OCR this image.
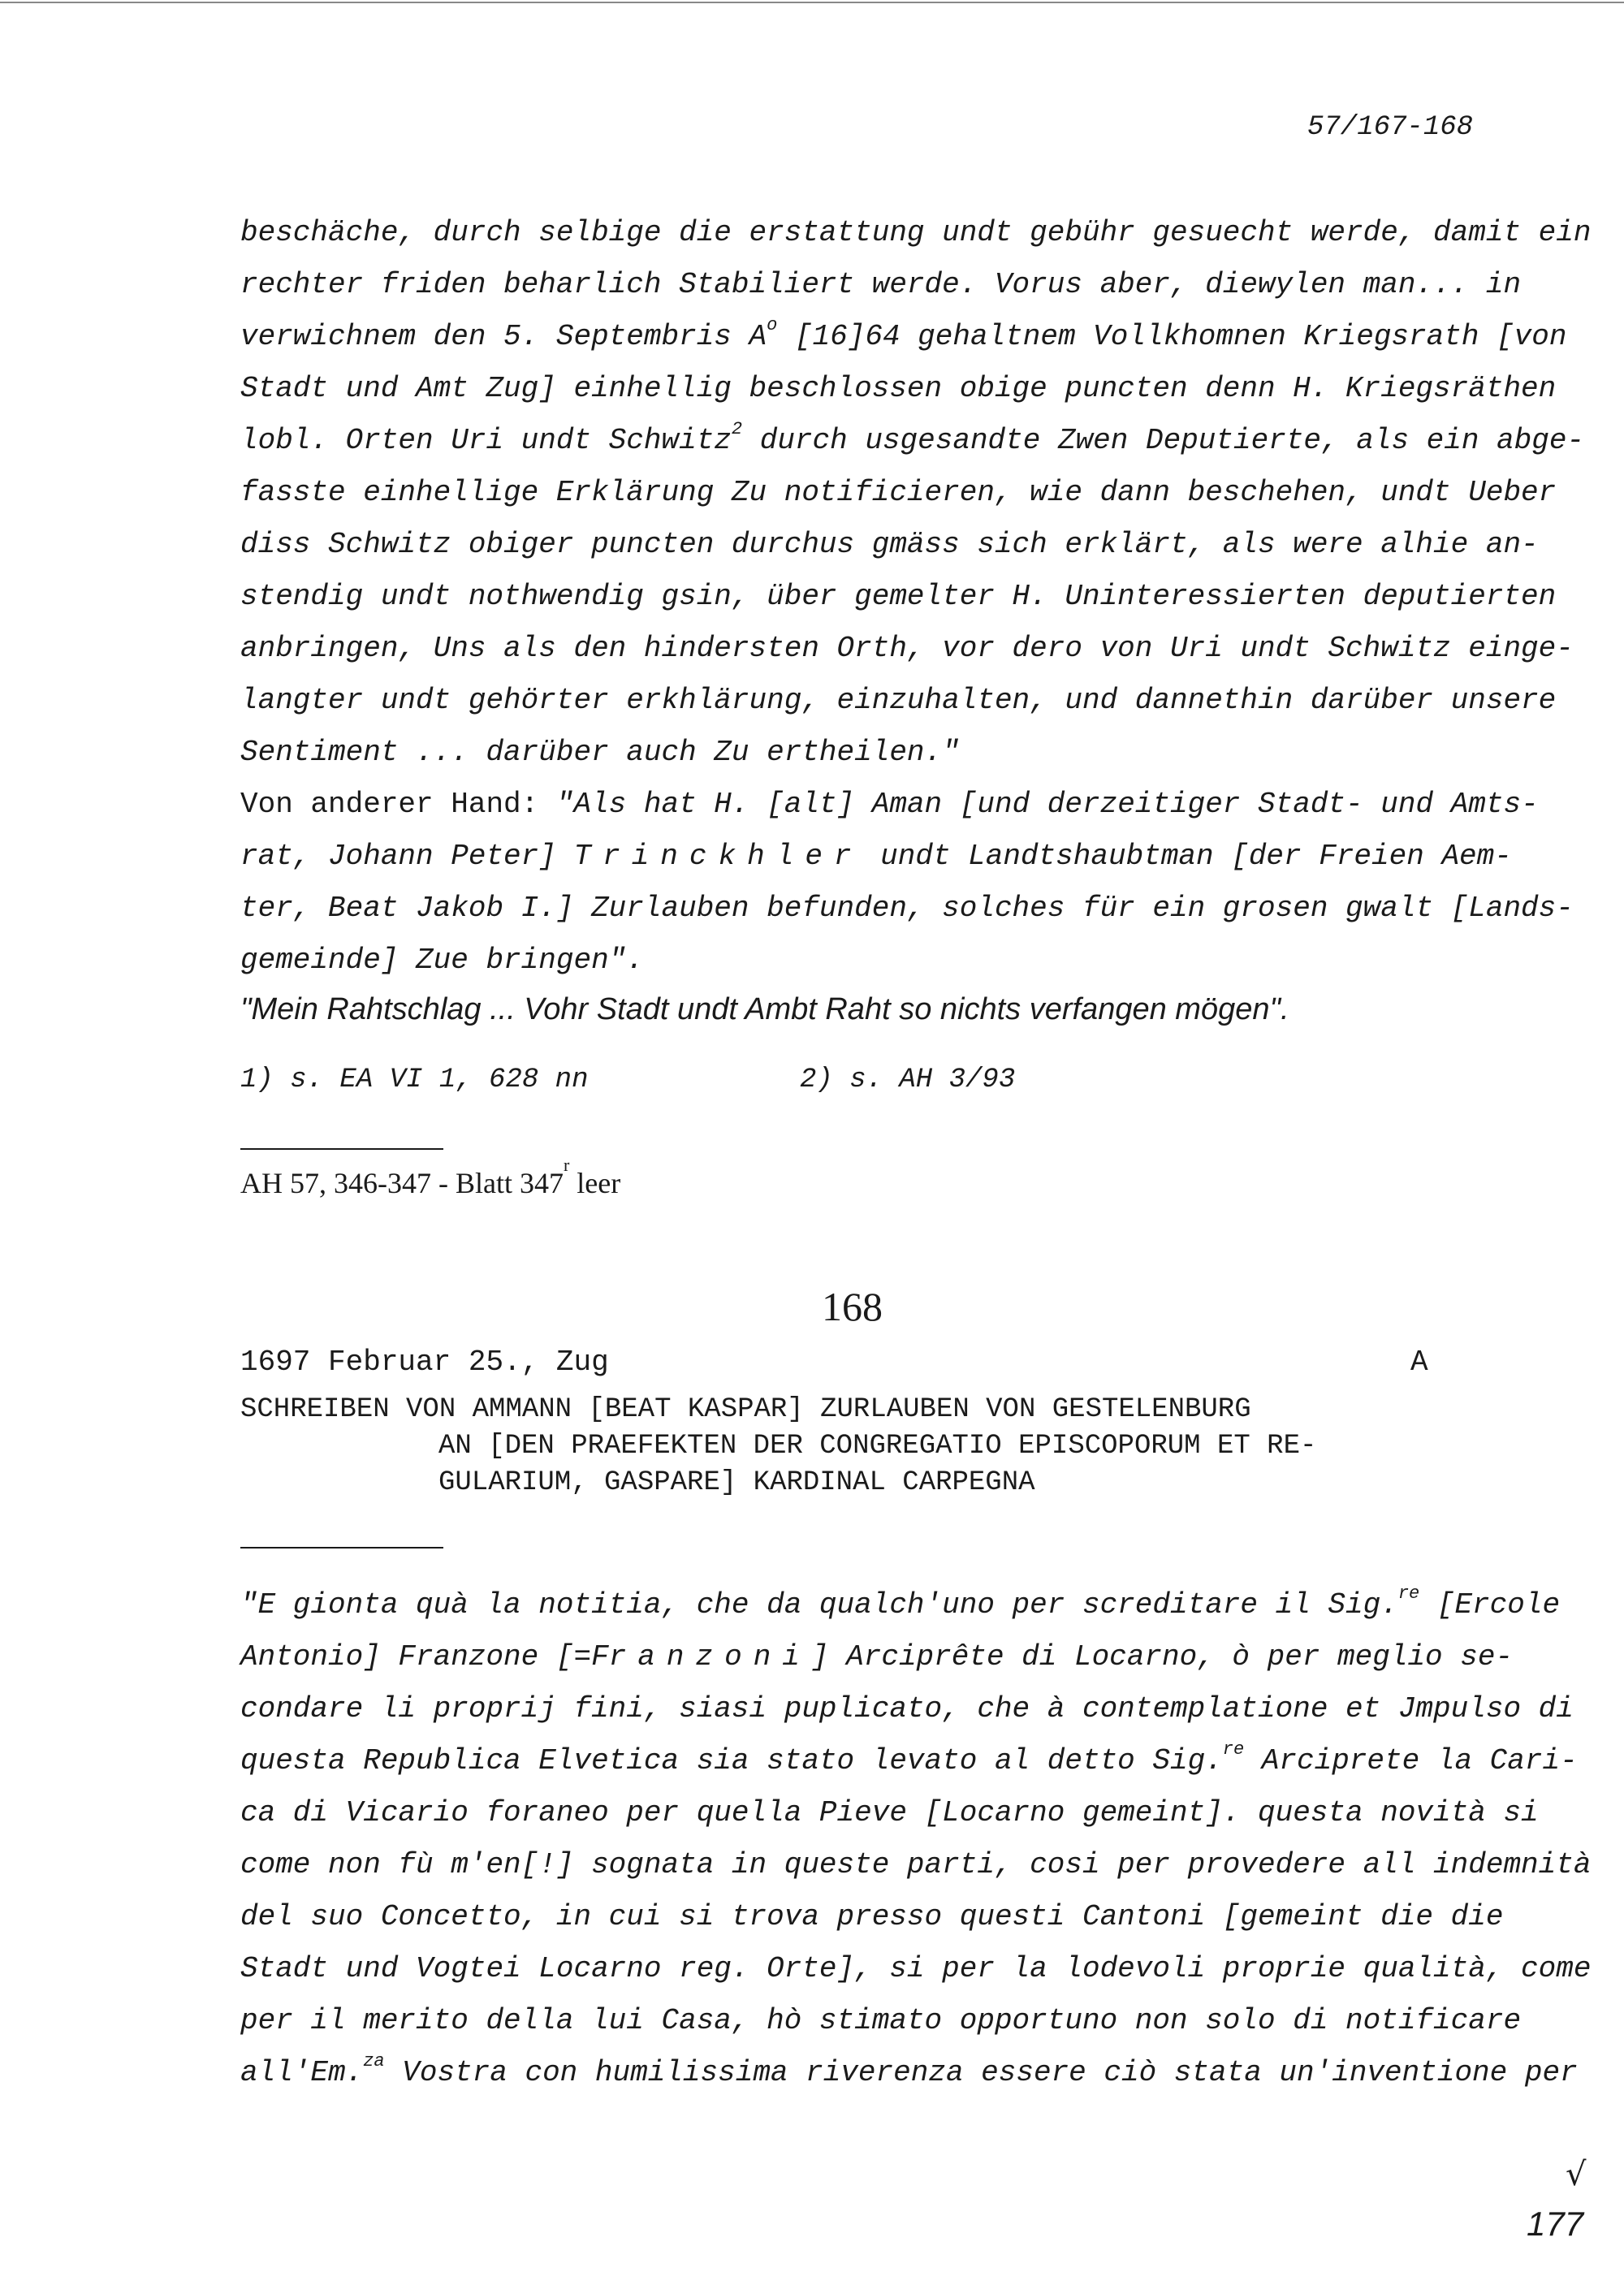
57/167-168
beschäche, durch selbige die erstattung undt gebühr gesuecht werde, damit ein
rechter friden beharlich Stabiliert werde. Vorus aber, diewylen man... in
verwichnem den 5. Septembris $A^o$ [16]64 gehaltnem Vollkhomnen Kriegsrath [von
Stadt und Amt Zug] einhellig beschlossen obige puncten denn H. Kriegsräthen
lobl. Orten Uri undt Schwitz$^2$ durch usgesandte Zwen Deputierte, als ein abge-
fasste einhellige Erklärung Zu notificieren, wie dann beschehen, undt Ueber
diss Schwitz obiger puncten durchus gmäss sich erklärt, als were alhie an-
stendig undt nothwendig gsin, über gemelter H. Uninteressierten deputierten
anbringen, Uns als den hindersten Orth, vor dero von Uri undt Schwitz einge-
langter undt gehörter erkhlärung, einzuhalten, und dannethin darüber unsere
Sentiment ... darüber auch Zu ertheilen."
Von anderer Hand: "Als hat H. [alt] Aman [und derzeitiger Stadt- und Amts-
rat, Johann Peter] Trinckhler undt Landtshaubtman [der Freien Aem-
ter, Beat Jakob I.] Zurlauben befunden, solches für ein grosen gwalt [Lands-
gemeinde] Zue bringen".
"Mein Rahtschlag ... Vohr Stadt undt Ambt Raht so nichts verfangen mögen".
1) s. EA VI 1, 628 nn	2) s. AH 3/93
AH 57, 346-347 - Blatt 347$^r$ leer
168
1697 Februar 25., Zug	A
SCHREIBEN VON AMMANN [BEAT KASPAR] ZURLAUBEN VON GESTELENBURG
AN [DEN PRAEFEKTEN DER CONGREGATIO EPISCOPORUM ET RE-
GULARIUM, GASPARE] KARDINAL CARPEGNA
"E gionta quà la notitia, che da qualch'uno per screditare il Sig.$^{re}$ [Ercole
Antonio] Franzone [=Franzoni] Arciprête di Locarno, ò per meglio se-
condare li proprij fini, siasi puplicato, che à contemplatione et Jmpulso di
questa Republica Elvetica sia stato levato al detto Sig.$^{re}$ Arciprete la Cari-
ca di Vicario foraneo per quella Pieve [Locarno gemeint]. questa novità si
come non fù m'en[!] sognata in queste parti, cosi per provedere all indemnità
del suo Concetto, in cui si trova presso questi Cantoni [gemeint die die
Stadt und Vogtei Locarno reg. Orte], si per la lodevoli proprie qualità, come
per il merito della lui Casa, hò stimato opportuno non solo di notificare
all'Em.$^{za}$ Vostra con humilissima riverenza essere ciò stata un'inventione per
√
177
